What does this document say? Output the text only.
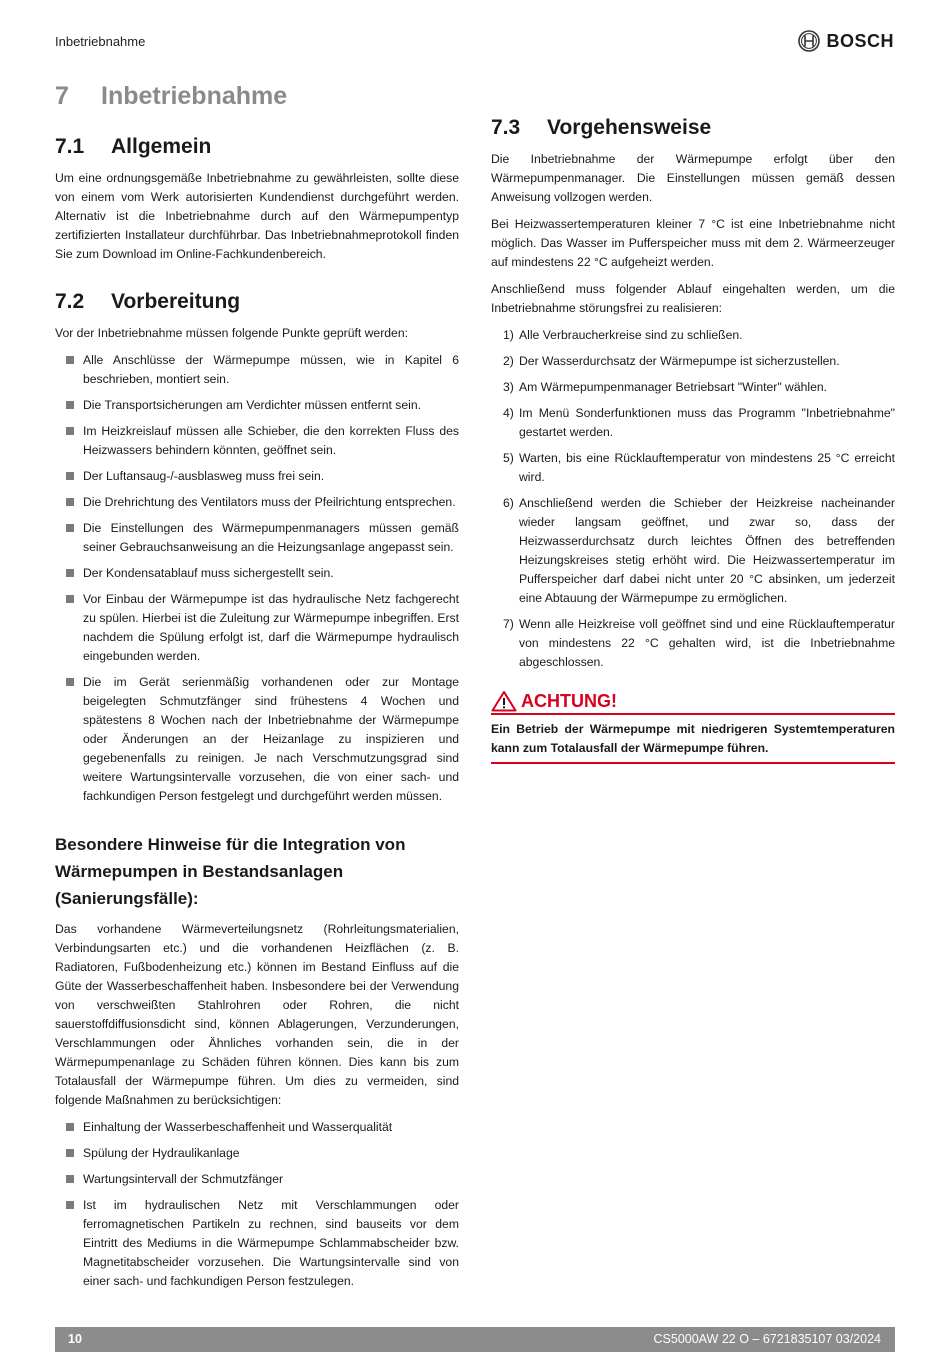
Inbetriebnahme	BOSCH
7 Inbetriebnahme
7.1 Allgemein

Um eine ordnungsgemäße Inbetriebnahme zu gewährleisten, sollte diese von einem vom Werk autorisierten Kundendienst durchgeführt werden. Alternativ ist die Inbetriebnahme durch auf den Wärmepumpentyp zertifizierten Installateur durchführbar. Das Inbetriebnahmeprotokoll finden Sie zum Download im Online-Fachkundenbereich.

7.2 Vorbereitung

Vor der Inbetriebnahme müssen folgende Punkte geprüft werden:

Alle Anschlüsse der Wärmepumpe müssen, wie in Kapitel 6 beschrieben, montiert sein.
Die Transportsicherungen am Verdichter müssen entfernt sein.
Im Heizkreislauf müssen alle Schieber, die den korrekten Fluss des Heizwassers behindern könnten, geöffnet sein.
Der Luftansaug-/-ausblasweg muss frei sein.
Die Drehrichtung des Ventilators muss der Pfeilrichtung entsprechen.
Die Einstellungen des Wärmepumpenmanagers müssen gemäß seiner Gebrauchsanweisung an die Heizungsanlage angepasst sein.
Der Kondensatablauf muss sichergestellt sein.
Vor Einbau der Wärmepumpe ist das hydraulische Netz fachgerecht zu spülen. Hierbei ist die Zuleitung zur Wärmepumpe inbegriffen. Erst nachdem die Spülung erfolgt ist, darf die Wärmepumpe hydraulisch eingebunden werden.
Die im Gerät serienmäßig vorhandenen oder zur Montage beigelegten Schmutzfänger sind frühestens 4 Wochen und spätestens 8 Wochen nach der Inbetriebnahme der Wärmepumpe oder Änderungen an der Heizanlage zu inspizieren und gegebenenfalls zu reinigen. Je nach Verschmutzungsgrad sind weitere Wartungsintervalle vorzusehen, die von einer sach- und fachkundigen Person festgelegt und durchgeführt werden müssen.
Besondere Hinweise für die Integration von Wärmepumpen in Bestandsanlagen (Sanierungsfälle):

Das vorhandene Wärmeverteilungsnetz (Rohrleitungsmaterialien, Verbindungsarten etc.) und die vorhandenen Heizflächen (z. B. Radiatoren, Fußbodenheizung etc.) können im Bestand Einfluss auf die Güte der Wasserbeschaffenheit haben. Insbesondere bei der Verwendung von verschweißten Stahlrohren oder Rohren, die nicht sauerstoffdiffusionsdicht sind, können Ablagerungen, Verzunderungen, Verschlammungen oder Ähnliches vorhanden sein, die in der Wärmepumpenanlage zu Schäden führen können. Dies kann bis zum Totalausfall der Wärmepumpe führen. Um dies zu vermeiden, sind folgende Maßnahmen zu berücksichtigen:

Einhaltung der Wasserbeschaffenheit und Wasserqualität
Spülung der Hydraulikanlage
Wartungsintervall der Schmutzfänger
Ist im hydraulischen Netz mit Verschlammungen oder ferromagnetischen Partikeln zu rechnen, sind bauseits vor dem Eintritt des Mediums in die Wärmepumpe Schlammabscheider bzw. Magnetitabscheider vorzusehen. Die Wartungsintervalle sind von einer sach- und fachkundigen Person festzulegen.
7.3 Vorgehensweise

Die Inbetriebnahme der Wärmepumpe erfolgt über den Wärmepumpenmanager. Die Einstellungen müssen gemäß dessen Anweisung vollzogen werden.

Bei Heizwassertemperaturen kleiner 7 °C ist eine Inbetriebnahme nicht möglich. Das Wasser im Pufferspeicher muss mit dem 2. Wärmeerzeuger auf mindestens 22 °C aufgeheizt werden.

Anschließend muss folgender Ablauf eingehalten werden, um die Inbetriebnahme störungsfrei zu realisieren:

1) Alle Verbraucherkreise sind zu schließen.
2) Der Wasserdurchsatz der Wärmepumpe ist sicherzustellen.
3) Am Wärmepumpenmanager Betriebsart "Winter" wählen.
4) Im Menü Sonderfunktionen muss das Programm "Inbetriebnahme" gestartet werden.
5) Warten, bis eine Rücklauftemperatur von mindestens 25 °C erreicht wird.
6) Anschließend werden die Schieber der Heizkreise nacheinander wieder langsam geöffnet, und zwar so, dass der Heizwasserdurchsatz durch leichtes Öffnen des betreffenden Heizungskreises stetig erhöht wird. Die Heizwassertemperatur im Pufferspeicher darf dabei nicht unter 20 °C absinken, um jederzeit eine Abtauung der Wärmepumpe zu ermöglichen.
7) Wenn alle Heizkreise voll geöffnet sind und eine Rücklauftemperatur von mindestens 22 °C gehalten wird, ist die Inbetriebnahme abgeschlossen.
ACHTUNG!

Ein Betrieb der Wärmepumpe mit niedrigeren Systemtemperaturen kann zum Totalausfall der Wärmepumpe führen.

10	CS5000AW 22 O – 6721835107 03/2024
